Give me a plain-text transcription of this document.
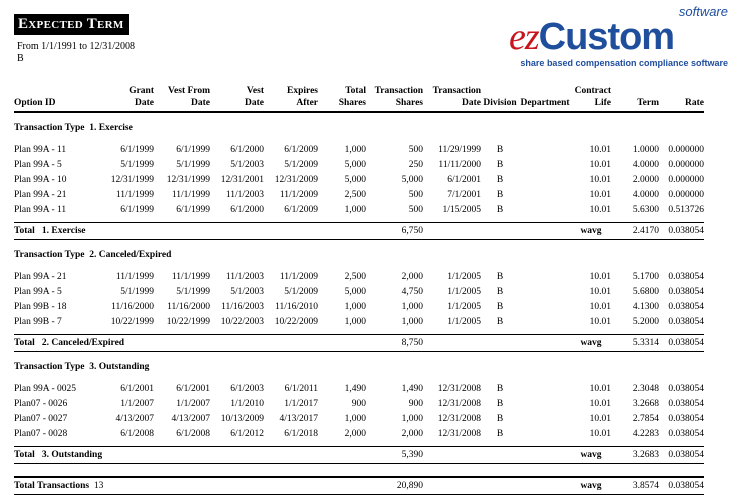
Expected Term
From 1/1/1991 to 12/31/2008
B
software
ezCustom
share based compensation compliance software
	Grant	Vest From	Vest	Expires	Total	Transaction	Transaction			Contract		
Option ID	Date	Date	Date	After	Shares	Shares	Date	Division	Department	Life	Term	Rate
Transaction Type 1. Exercise												
Plan 99A - 11	6/1/1999	6/1/1999	6/1/2000	6/1/2009	1,000	500	11/29/1999	B		10.01	1.0000	0.000000
Plan 99A - 5	5/1/1999	5/1/1999	5/1/2003	5/1/2009	5,000	250	11/11/2000	B		10.01	4.0000	0.000000
Plan 99A - 10	12/31/1999	12/31/1999	12/31/2001	12/31/2009	5,000	5,000	6/1/2001	B		10.01	2.0000	0.000000
Plan 99A - 21	11/1/1999	11/1/1999	11/1/2003	11/1/2009	2,500	500	7/1/2001	B		10.01	4.0000	0.000000
Plan 99A - 11	6/1/1999	6/1/1999	6/1/2000	6/1/2009	1,000	500	1/15/2005	B		10.01	5.6300	0.513726

Total 1. Exercise						6,750				wavg	2.4170	0.038054
Transaction Type 2. Canceled/Expired												
Plan 99A - 21	11/1/1999	11/1/1999	11/1/2003	11/1/2009	2,500	2,000	1/1/2005	B		10.01	5.1700	0.038054
Plan 99A - 5	5/1/1999	5/1/1999	5/1/2003	5/1/2009	5,000	4,750	1/1/2005	B		10.01	5.6800	0.038054
Plan 99B - 18	11/16/2000	11/16/2000	11/16/2003	11/16/2010	1,000	1,000	1/1/2005	B		10.01	4.1300	0.038054
Plan 99B - 7	10/22/1999	10/22/1999	10/22/2003	10/22/2009	1,000	1,000	1/1/2005	B		10.01	5.2000	0.038054

Total 2. Canceled/Expired						8,750				wavg	5.3314	0.038054
Transaction Type 3. Outstanding												
Plan 99A - 0025	6/1/2001	6/1/2001	6/1/2003	6/1/2011	1,490	1,490	12/31/2008	B		10.01	2.3048	0.038054
Plan07 - 0026	1/1/2007	1/1/2007	1/1/2010	1/1/2017	900	900	12/31/2008	B		10.01	3.2668	0.038054
Plan07 - 0027	4/13/2007	4/13/2007	10/13/2009	4/13/2017	1,000	1,000	12/31/2008	B		10.01	2.7854	0.038054
Plan07 - 0028	6/1/2008	6/1/2008	6/1/2012	6/1/2018	2,000	2,000	12/31/2008	B		10.01	4.2283	0.038054

Total 3. Outstanding						5,390				wavg	3.2683	0.038054

Total Transactions 13						20,890				wavg	3.8574	0.038054
